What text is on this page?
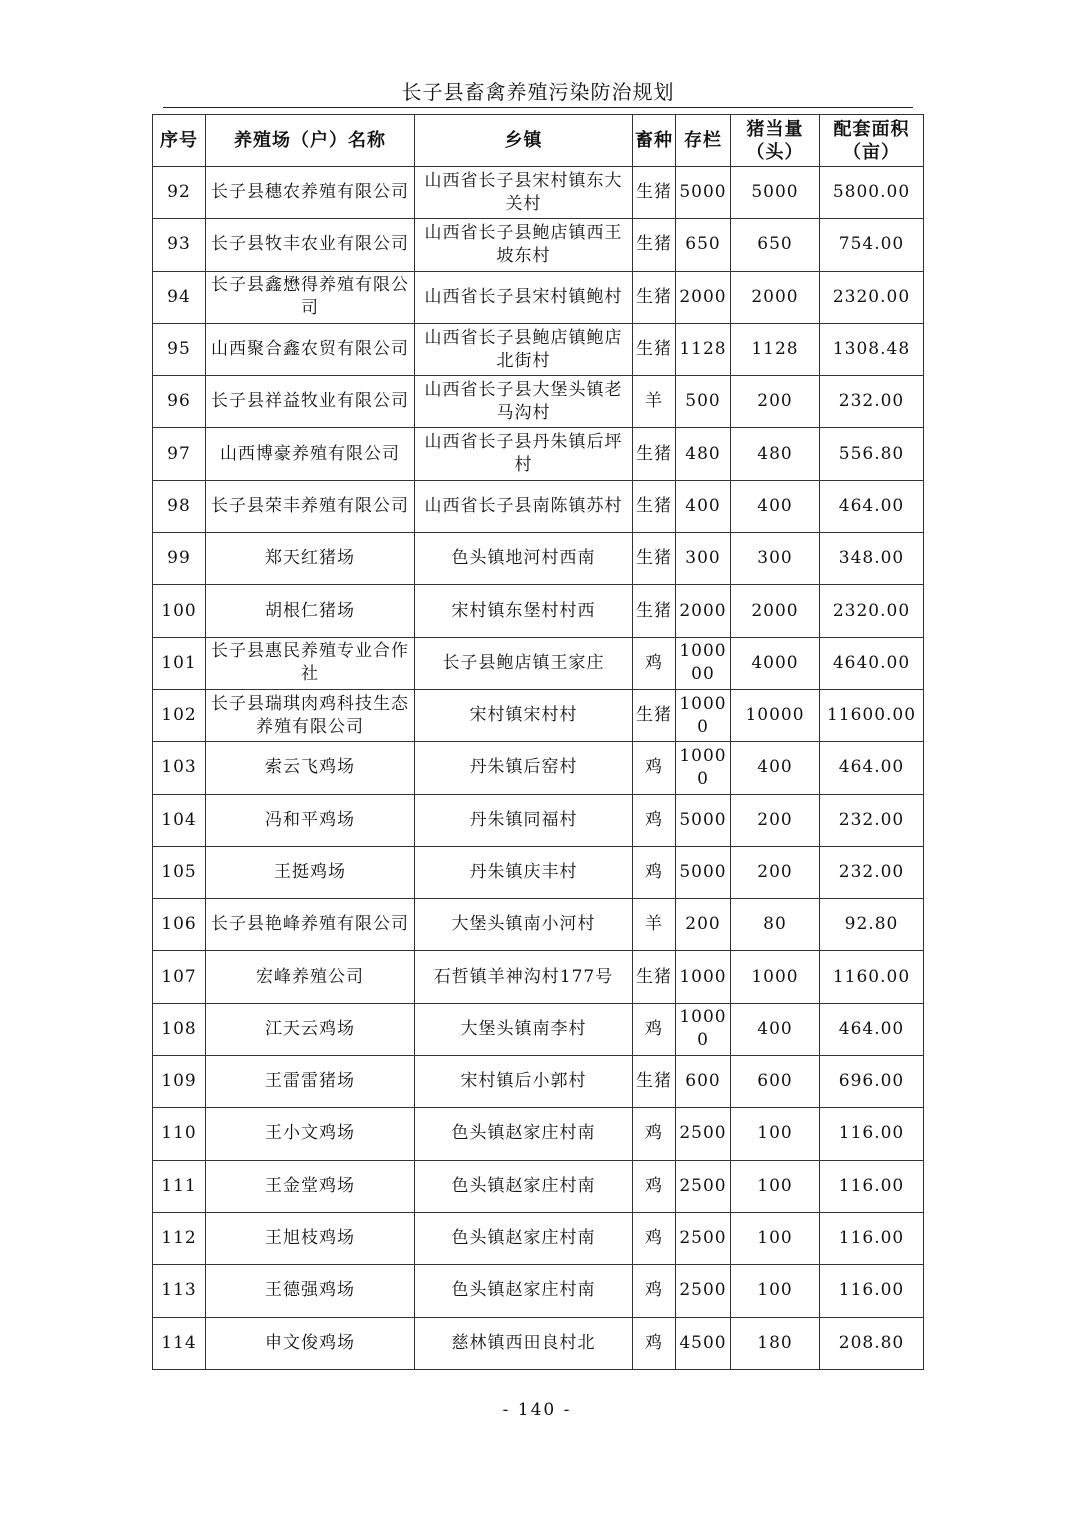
长子县畜禽养殖污染防治规划
序号	养殖场（户）名称	乡镇	畜种	存栏	猪当量（头）	配套面积（亩）
92	长子县穗农养殖有限公司	山西省长子县宋村镇东大关村	生猪	5000	5000	5800.00
93	长子县牧丰农业有限公司	山西省长子县鲍店镇西王坡东村	生猪	650	650	754.00
94	长子县鑫懋得养殖有限公司	山西省长子县宋村镇鲍村	生猪	2000	2000	2320.00
95	山西聚合鑫农贸有限公司	山西省长子县鲍店镇鲍店北街村	生猪	1128	1128	1308.48
96	长子县祥益牧业有限公司	山西省长子县大堡头镇老马沟村	羊	500	200	232.00
97	山西博豪养殖有限公司	山西省长子县丹朱镇后坪村	生猪	480	480	556.80
98	长子县荣丰养殖有限公司	山西省长子县南陈镇苏村	生猪	400	400	464.00
99	郑天红猪场	色头镇地河村西南	生猪	300	300	348.00
100	胡根仁猪场	宋村镇东堡村村西	生猪	2000	2000	2320.00
101	长子县惠民养殖专业合作社	长子县鲍店镇王家庄	鸡	100000	4000	4640.00
102	长子县瑞琪肉鸡科技生态养殖有限公司	宋村镇宋村村	生猪	10000	10000	11600.00
103	索云飞鸡场	丹朱镇后窑村	鸡	10000	400	464.00
104	冯和平鸡场	丹朱镇同福村	鸡	5000	200	232.00
105	王挺鸡场	丹朱镇庆丰村	鸡	5000	200	232.00
106	长子县艳峰养殖有限公司	大堡头镇南小河村	羊	200	80	92.80
107	宏峰养殖公司	石哲镇羊神沟村177号	生猪	1000	1000	1160.00
108	江天云鸡场	大堡头镇南李村	鸡	10000	400	464.00
109	王雷雷猪场	宋村镇后小郭村	生猪	600	600	696.00
110	王小文鸡场	色头镇赵家庄村南	鸡	2500	100	116.00
111	王金堂鸡场	色头镇赵家庄村南	鸡	2500	100	116.00
112	王旭枝鸡场	色头镇赵家庄村南	鸡	2500	100	116.00
113	王德强鸡场	色头镇赵家庄村南	鸡	2500	100	116.00
114	申文俊鸡场	慈林镇西田良村北	鸡	4500	180	208.80
- 140 -
